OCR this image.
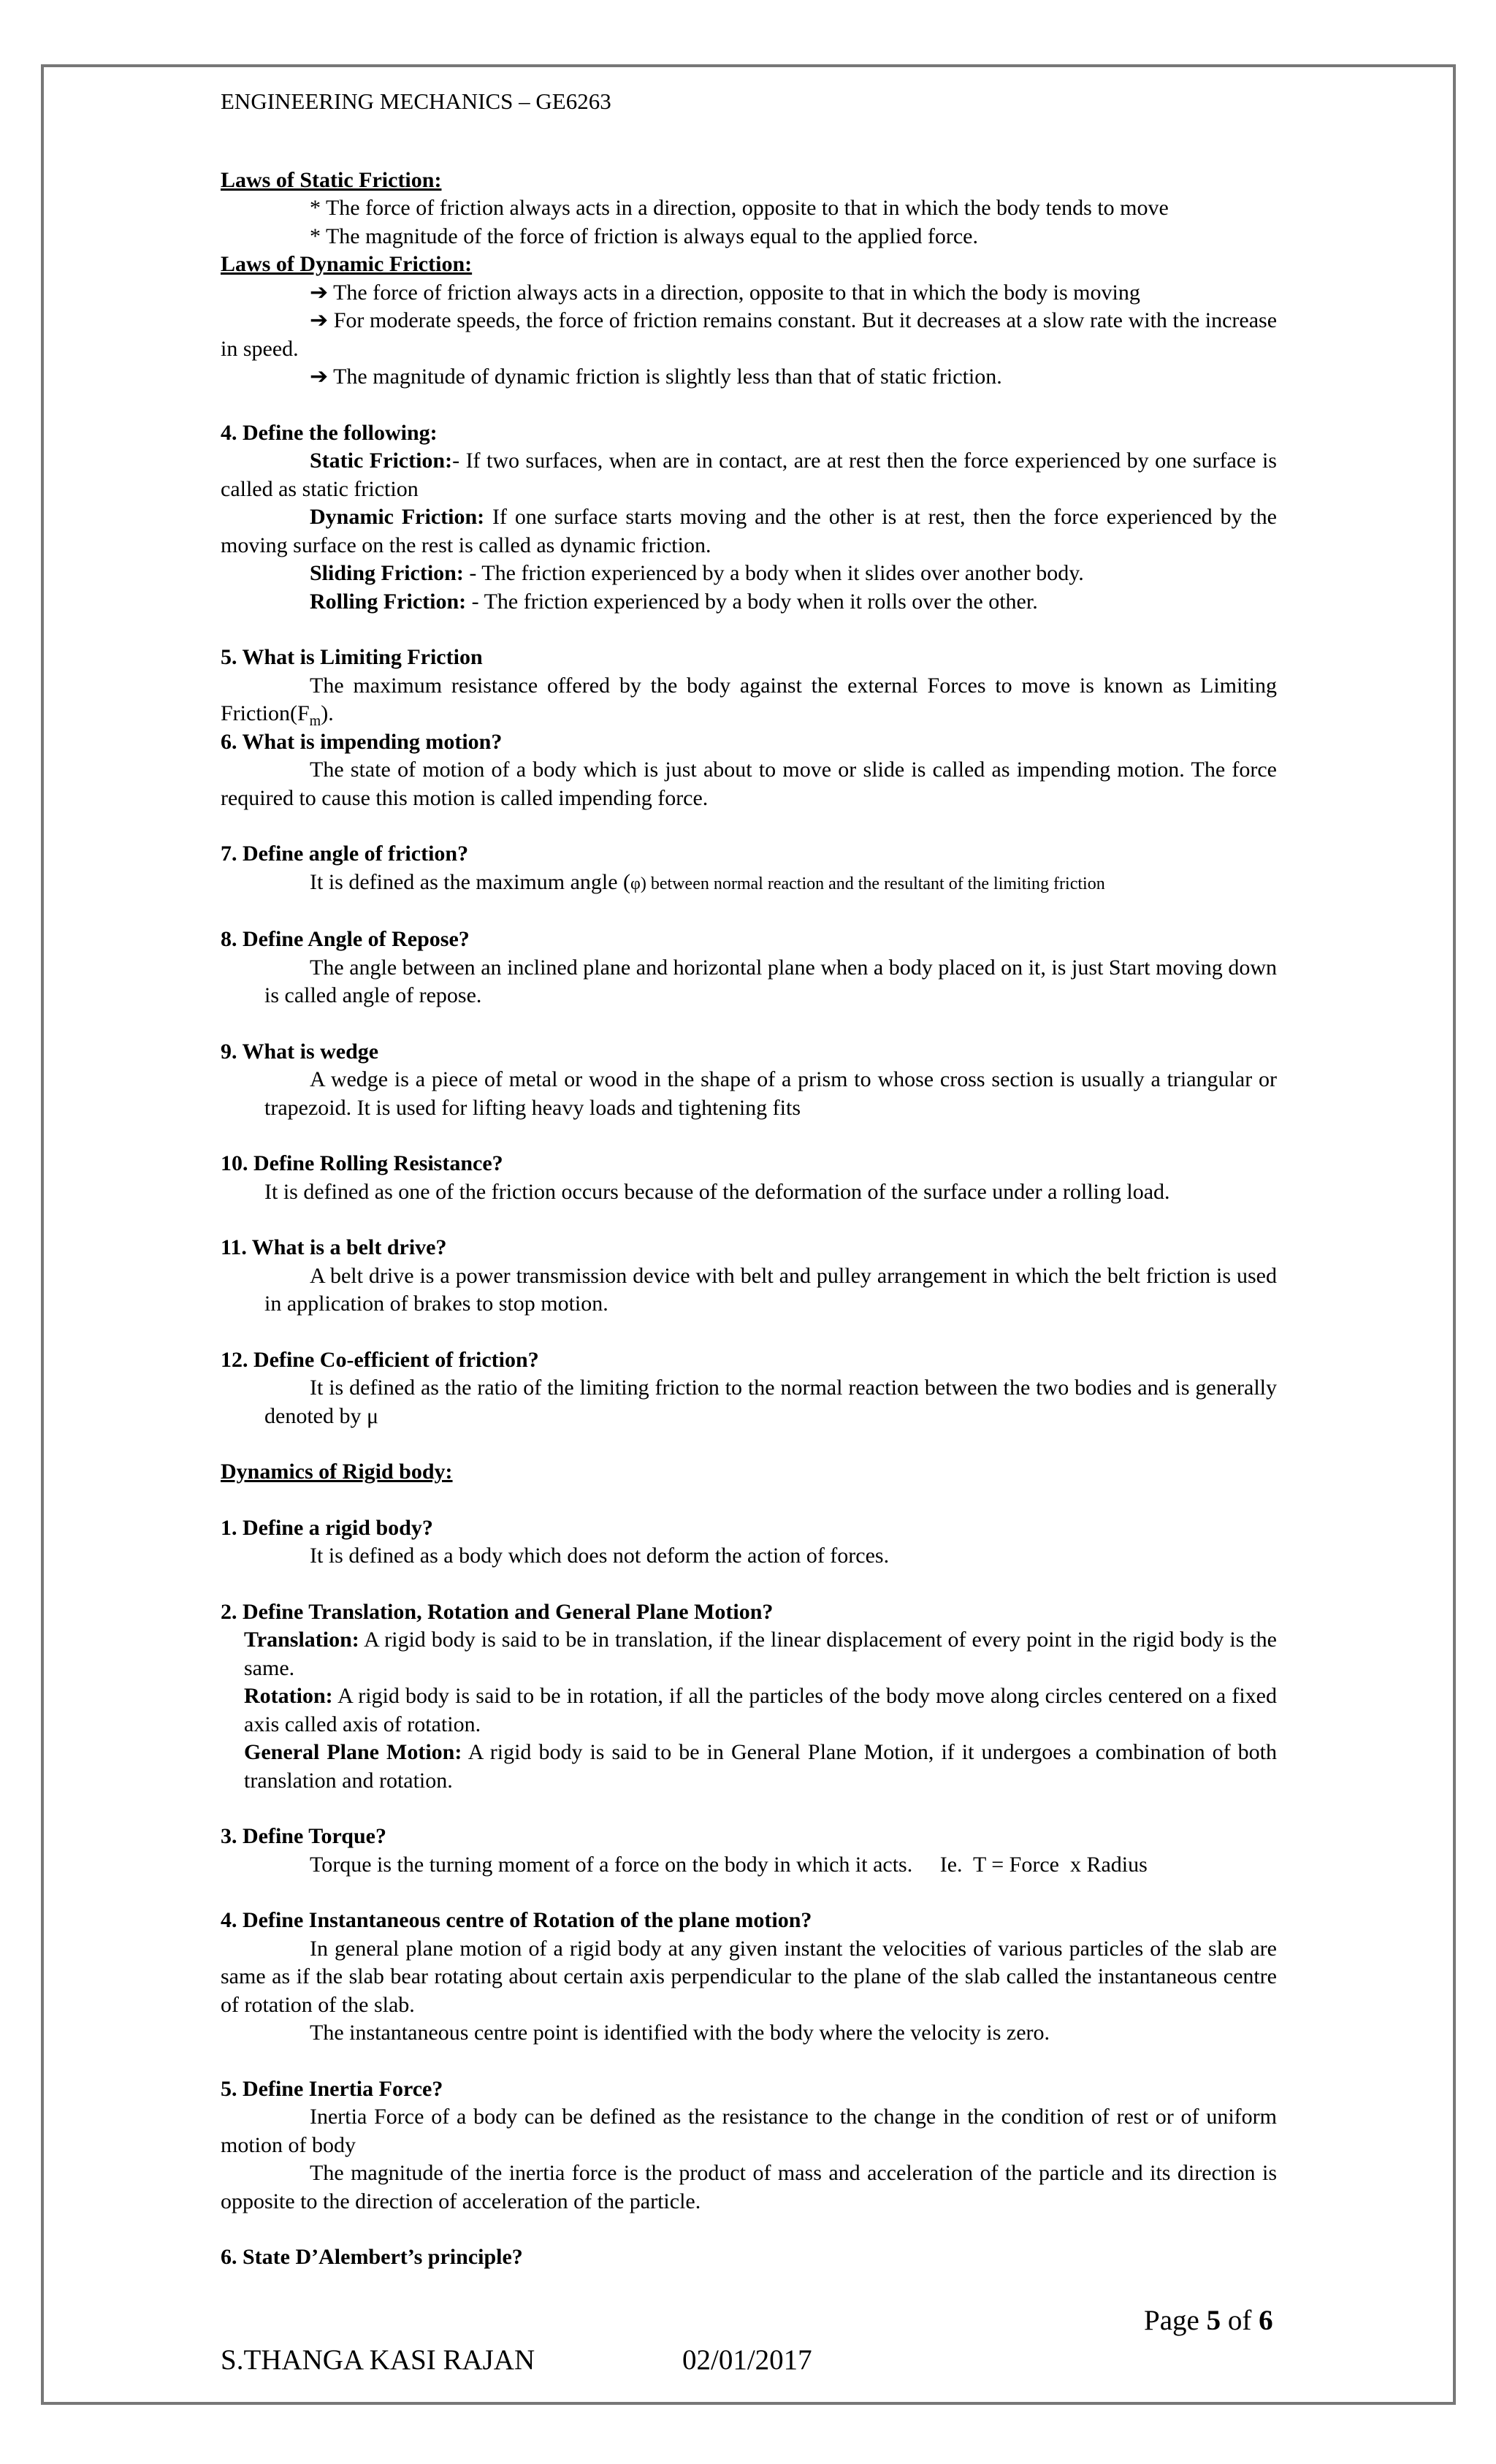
ENGINEERING MECHANICS – GE6263

Laws of Static Friction:

* The force of friction always acts in a direction, opposite to that in which the body tends to move

* The magnitude of the force of friction is always equal to the applied force.

Laws of Dynamic Friction:

➔ The force of friction always acts in a direction, opposite to that in which the body is moving

➔ For moderate speeds, the force of friction remains constant. But it decreases at a slow rate with the increase in speed.

➔ The magnitude of dynamic friction is slightly less than that of static friction.

4. Define the following:

Static Friction:- If two surfaces, when are in contact, are at rest then the force experienced by one surface is called as static friction

Dynamic Friction: If one surface starts moving and the other is at rest, then the force experienced by the moving surface on the rest is called as dynamic friction.

Sliding Friction: - The friction experienced by a body when it slides over another body.

Rolling Friction: - The friction experienced by a body when it rolls over the other.

5. What is Limiting Friction

The maximum resistance offered by the body against the external Forces to move is known as Limiting $Friction(F_m)$.

6. What is impending motion?

The state of motion of a body which is just about to move or slide is called as impending motion. The force required to cause this motion is called impending force.

7. Define angle of friction?

It is defined as the maximum angle (φ) between normal reaction and the resultant of the limiting friction

8. Define Angle of Repose?

The angle between an inclined plane and horizontal plane when a body placed on it, is just Start moving down is called angle of repose.

9. What is wedge

A wedge is a piece of metal or wood in the shape of a prism to whose cross section is usually a triangular or trapezoid. It is used for lifting heavy loads and tightening fits

10. Define Rolling Resistance?

It is defined as one of the friction occurs because of the deformation of the surface under a rolling load.

11. What is a belt drive?

A belt drive is a power transmission device with belt and pulley arrangement in which the belt friction is used in application of brakes to stop motion.

12. Define Co-efficient of friction?

It is defined as the ratio of the limiting friction to the normal reaction between the two bodies and is generally denoted by μ

Dynamics of Rigid body:

1. Define a rigid body?

It is defined as a body which does not deform the action of forces.

2. Define Translation, Rotation and General Plane Motion?

Translation: A rigid body is said to be in translation, if the linear displacement of every point in the rigid body is the same.

Rotation: A rigid body is said to be in rotation, if all the particles of the body move along circles centered on a fixed axis called axis of rotation.

General Plane Motion: A rigid body is said to be in General Plane Motion, if it undergoes a combination of both translation and rotation.

3. Define Torque?

Torque is the turning moment of a force on the body in which it acts.     Ie.  T = Force  x Radius

4. Define Instantaneous centre of Rotation of the plane motion?

In general plane motion of a rigid body at any given instant the velocities of various particles of the slab are same as if the slab bear rotating about certain axis perpendicular to the plane of the slab called the instantaneous centre of rotation of the slab.

The instantaneous centre point is identified with the body where the velocity is zero.

5. Define Inertia Force?

Inertia Force of a body can be defined as the resistance to the change in the condition of rest or of uniform motion of body

The magnitude of the inertia force is the product of mass and acceleration of the particle and its direction is opposite to the direction of acceleration of the particle.

6. State D’Alembert’s principle?

Page 5 of 6
S.THANGA KASI RAJAN	02/01/2017
